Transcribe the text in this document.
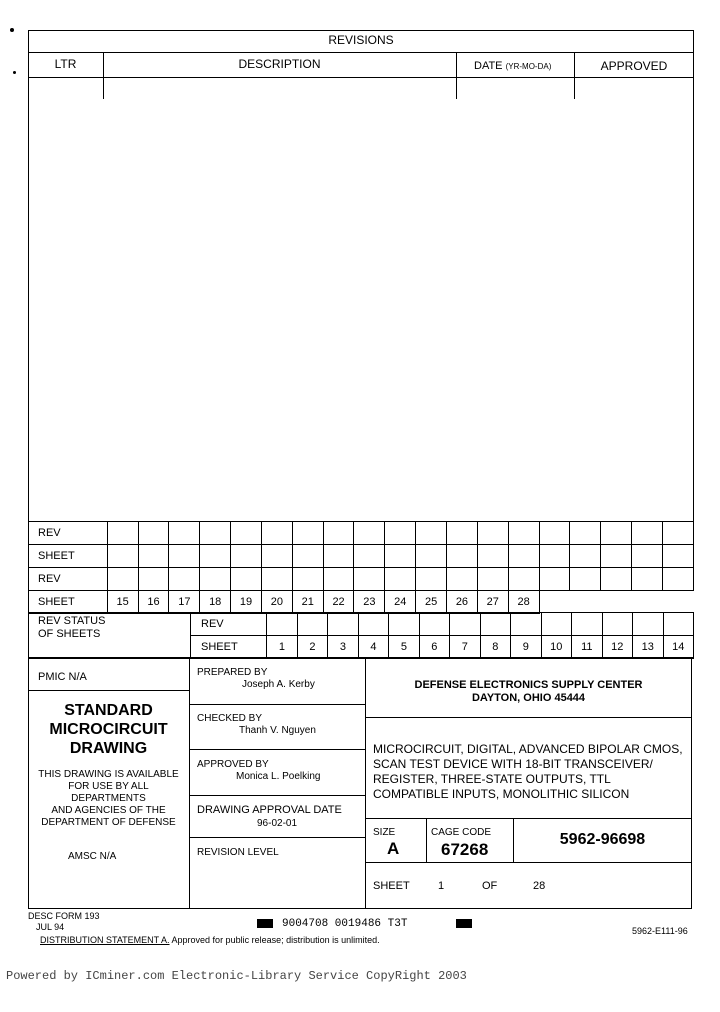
REVISIONS
LTR	DESCRIPTION	DATE (YR-MO-DA)	APPROVED
REV																			
SHEET																			
REV																			
SHEET	15	16	17	18	19	20	21	22	23	24	25	26	27	28					
REV STATUS
OF SHEETS
REV														
SHEET	1	2	3	4	5	6	7	8	9	10	11	12	13	14
PMIC N/A
STANDARD
MICROCIRCUIT
DRAWING
THIS DRAWING IS AVAILABLE
FOR USE BY ALL
DEPARTMENTS
AND AGENCIES OF THE
DEPARTMENT OF DEFENSE
AMSC N/A
PREPARED BY
Joseph A. Kerby
CHECKED BY
Thanh V. Nguyen
APPROVED BY
Monica L. Poelking
DRAWING APPROVAL DATE
96-02-01
REVISION LEVEL
DEFENSE ELECTRONICS SUPPLY CENTER
DAYTON, OHIO 45444
MICROCIRCUIT, DIGITAL, ADVANCED BIPOLAR CMOS,
SCAN TEST DEVICE WITH 18-BIT TRANSCEIVER/
REGISTER, THREE-STATE OUTPUTS, TTL
COMPATIBLE INPUTS, MONOLITHIC SILICON
SIZE
A
CAGE CODE
67268
5962-96698
SHEET	1	OF	28
DESC FORM 193
JUL 94	9004708 0019486 T3T
DISTRIBUTION STATEMENT A. Approved for public release; distribution is unlimited.
5962-E111-96
Powered by ICminer.com Electronic-Library Service CopyRight 2003
